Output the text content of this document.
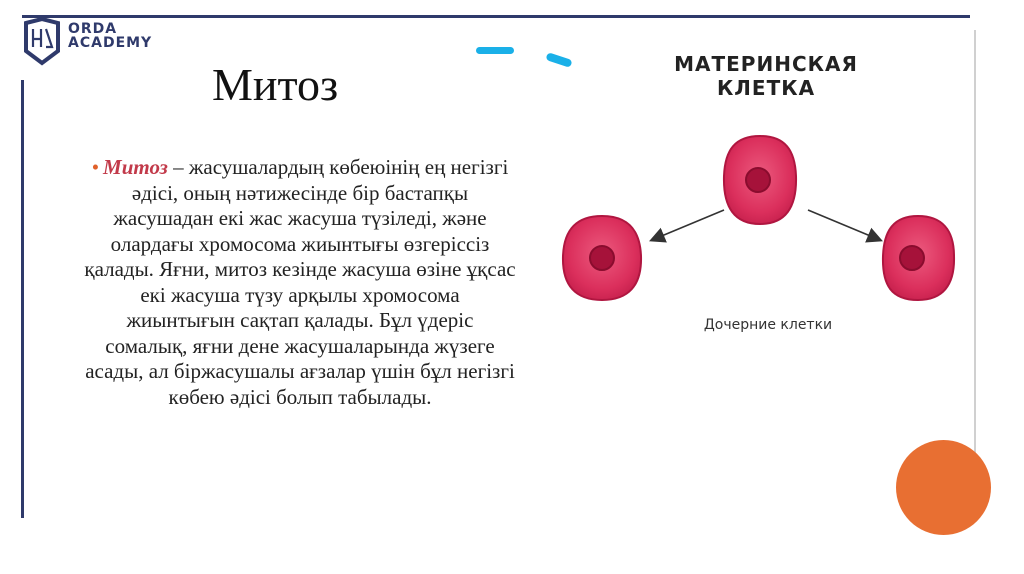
ORDA
ACADEMY
Митоз
• Митоз – жасушалардың көбеюінің ең негізгі әдісі, оның нәтижесінде бір бастапқы жасушадан екі жас жасуша түзіледі, және олардағы хромосома жиынтығы өзгеріссіз қалады. Яғни, митоз кезінде жасуша өзіне ұқсас екі жасуша түзу арқылы хромосома жиынтығын сақтап қалады. Бұл үдеріс сомалық, яғни дене жасушаларында жүзеге асады, ал біржасушалы ағзалар үшін бұл негізгі көбею әдісі болып табылады.
МАТЕРИНСКАЯ
КЛЕТКА
Дочерние клетки
